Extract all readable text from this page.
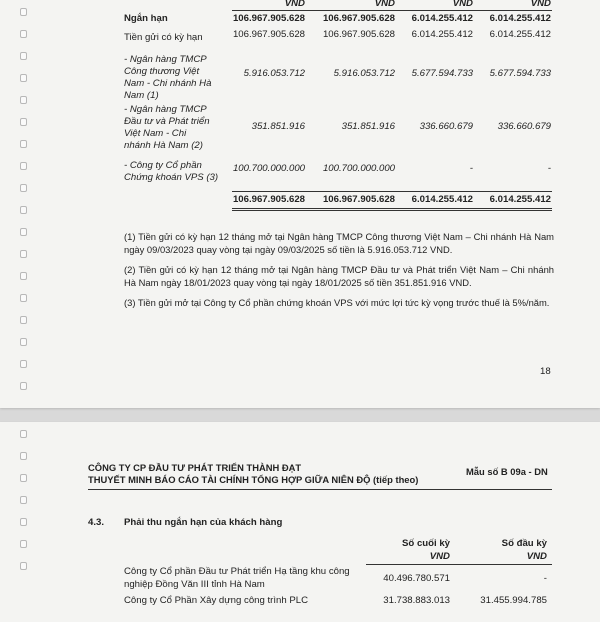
VND	VND	VND	VND
Ngắn hạn	106.967.905.628	106.967.905.628	6.014.255.412	6.014.255.412
Tiền gửi có kỳ hạn	106.967.905.628	106.967.905.628	6.014.255.412	6.014.255.412
- Ngân hàng TMCP
Công thương Việt
Nam - Chi nhánh Hà
Nam (1)
5.916.053.712	5.916.053.712	5.677.594.733	5.677.594.733
- Ngân hàng TMCP
Đầu tư và Phát triển
Việt Nam - Chi
nhánh Hà Nam (2)
351.851.916	351.851.916	336.660.679	336.660.679
- Công ty Cổ phần
Chứng khoán VPS (3)
100.700.000.000	100.700.000.000	-	-
106.967.905.628	106.967.905.628	6.014.255.412	6.014.255.412
(1) Tiền gửi có kỳ hạn 12 tháng mở tại Ngân hàng TMCP Công thương Việt Nam – Chi nhánh Hà Nam ngày 09/03/2023 quay vòng tại ngày 09/03/2025 số tiền là 5.916.053.712 VND.
(2) Tiền gửi có kỳ hạn 12 tháng mở tại Ngân hàng TMCP Đầu tư và Phát triển Việt Nam – Chi nhánh Hà Nam ngày 18/01/2023 quay vòng tại ngày 18/01/2025 số tiền 351.851.916 VND.
(3) Tiền gửi mở tại Công ty Cổ phần chứng khoán VPS với mức lợi tức kỳ vọng trước thuế là 5%/năm.
18
CÔNG TY CP ĐẦU TƯ PHÁT TRIỂN THÀNH ĐẠT
THUYẾT MINH BÁO CÁO TÀI CHÍNH TỔNG HỢP GIỮA NIÊN ĐỘ (tiếp theo)
Mẫu số B 09a - DN
4.3. Phải thu ngắn hạn của khách hàng
Số cuối kỳ	Số đầu kỳ
VND	VND
Công ty Cổ phần Đầu tư Phát triển Hạ tầng khu công
nghiệp Đồng Văn III tỉnh Hà Nam
40.496.780.571	-
Công ty Cổ Phần Xây dựng công trình PLC	31.738.883.013	31.455.994.785
